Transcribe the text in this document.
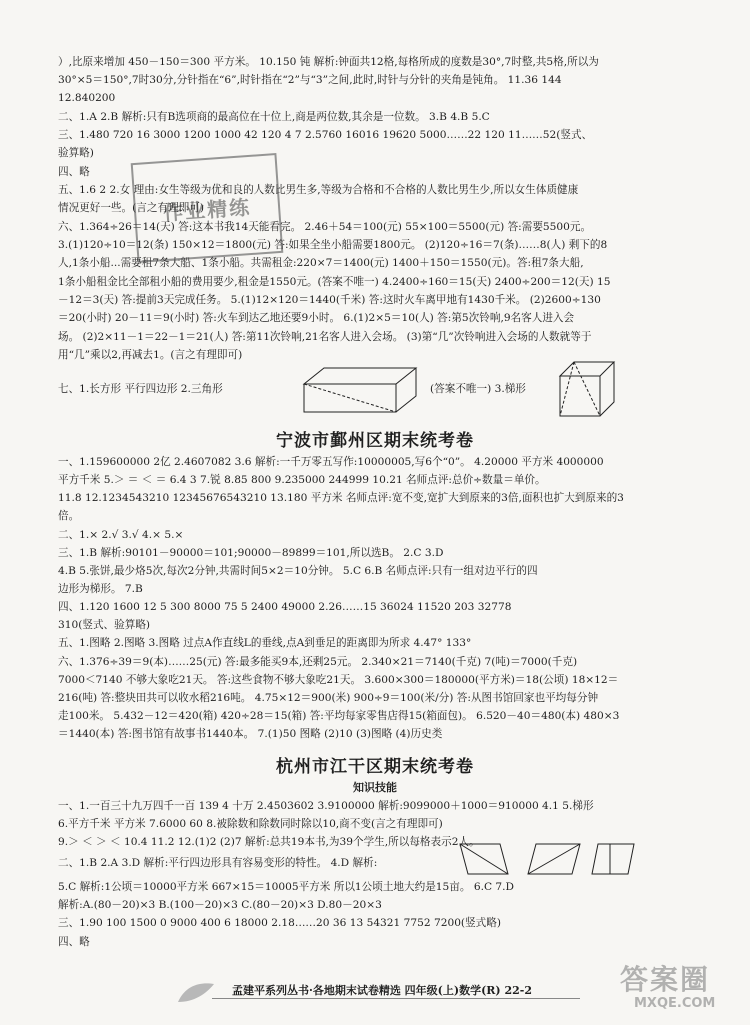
）,比原来增加 450－150＝300 平方米。 10.150 钝 解析:钟面共12格,每格所成的度数是30°,7时整,共5格,所以为
30°×5＝150°,7时30分,分针指在“6”,时针指在“2”与“3”之间,此时,时针与分针的夹角是钝角。 11.36 144
12.840200
二、1.A 2.B 解析:只有B选项商的最高位在十位上,商是两位数,其余是一位数。 3.B 4.B 5.C
三、1.480 720 16 3000 1200 1000 42 120 4 7 2.5760 16016 19620 5000……22 120 11……52(竖式、
验算略)
四、略
五、1.6 2 2.女 理由:女生等级为优和良的人数比男生多,等级为合格和不合格的人数比男生少,所以女生体质健康
情况更好一些。(言之有理即可)
六、1.364÷26＝14(天) 答:这本书我14天能看完。 2.46＋54＝100(元) 55×100＝5500(元) 答:需要5500元。
3.(1)120÷10＝12(条) 150×12＝1800(元) 答:如果全坐小船需要1800元。 (2)120÷16＝7(条)……8(人) 剩下的8
人,1条小船...需要租7条大船、1条小船。共需租金:220×7＝1400(元) 1400＋150＝1550(元)。答:租7条大船,
1条小船租金比全部租小船的费用要少,租金是1550元。(答案不唯一) 4.2400÷160＝15(天) 2400÷200＝12(天) 15
－12＝3(天) 答:提前3天完成任务。 5.(1)12×120＝1440(千米) 答:这时火车离甲地有1430千米。 (2)2600÷130
＝20(小时) 20－11＝9(小时) 答:火车到达乙地还要9小时。 6.(1)2×5＝10(人) 答:第5次铃响,9名客人进入会
场。 (2)2×11－1＝22－1＝21(人) 答:第11次铃响,21名客人进入会场。 (3)第“几”次铃响进入会场的人数就等于
用“几”乘以2,再减去1。(言之有理即可)
作业精练
七、1.长方形 平行四边形 2.三角形	(答案不唯一) 3.梯形
宁波市鄞州区期末统考卷
一、1.159600000 2亿 2.4607082 3.6 解析:一千万零五写作:10000005,写6个“0”。 4.20000 平方米 4000000
平方千米 5.＞ ＝ ＜ ＝ 6.4 3 7.锐 8.85 800 9.235000 244999 10.21 名师点评:总价÷数量＝单价。
11.8 12.1234543210 12345676543210 13.180 平方米 名师点评:宽不变,宽扩大到原来的3倍,面积也扩大到原来的3
倍。
二、1.× 2.√ 3.√ 4.× 5.×
三、1.B 解析:90101－90000＝101;90000－89899＝101,所以选B。 2.C 3.D
4.B 5.张饼,最少烙5次,每次2分钟,共需时间5×2＝10分钟。 5.C 6.B 名师点评:只有一组对边平行的四
边形为梯形。 7.B
四、1.120 1600 12 5 300 8000 75 5 2400 49000 2.26……15 36024 11520 203 32778
310(竖式、验算略)
五、1.图略 2.图略 3.图略 过点A作直线L的垂线,点A到垂足的距离即为所求 4.47° 133°
六、1.376÷39＝9(本)……25(元) 答:最多能买9本,还剩25元。 2.340×21＝7140(千克) 7(吨)＝7000(千克)
7000＜7140 不够大象吃21天。 答:这些食物不够大象吃21天。 3.600×300＝180000(平方米)＝18(公顷) 18×12＝
216(吨) 答:整块田共可以收水稻216吨。 4.75×12＝900(米) 900÷9＝100(米/分) 答:从图书馆回家也平均每分钟
走100米。 5.432－12＝420(箱) 420÷28＝15(箱) 答:平均每家零售店得15(箱面包)。 6.520－40＝480(本) 480×3
＝1440(本) 答:图书馆有故事书1440本。 7.(1)50 图略 (2)10 (3)图略 (4)历史类
杭州市江干区期末统考卷
知识技能
一、1.一百三十九万四千一百 139 4 十万 2.4503602 3.9100000 解析:9099000＋1000＝910000 4.1 5.梯形
6.平方千米 平方米 7.6000 60 8.被除数和除数同时除以10,商不变(言之有理即可)
9.＞ ＜ ＞ ＜ 10.4 11.2 12.(1)2 (2)7 解析:总共19本书,为39个学生,所以每格表示2人。
二、1.B 2.A 3.D 解析:平行四边形具有容易变形的特性。 4.D 解析:
5.C 解析:1公顷＝10000平方米 667×15＝10005平方米 所以1公顷土地大约是15亩。 6.C 7.D
解析:A.(80－20)×3 B.(100－20)×3 C.(80－20)×3 D.80－20×3
三、1.90 100 1500 0 9000 400 6 18000 2.18……20 36 13 54321 7752 7200(竖式略)
四、略
孟建平系列丛书·各地期末试卷精选 四年级(上)数学(R) 22-2	答案圈
MXQE.COM
